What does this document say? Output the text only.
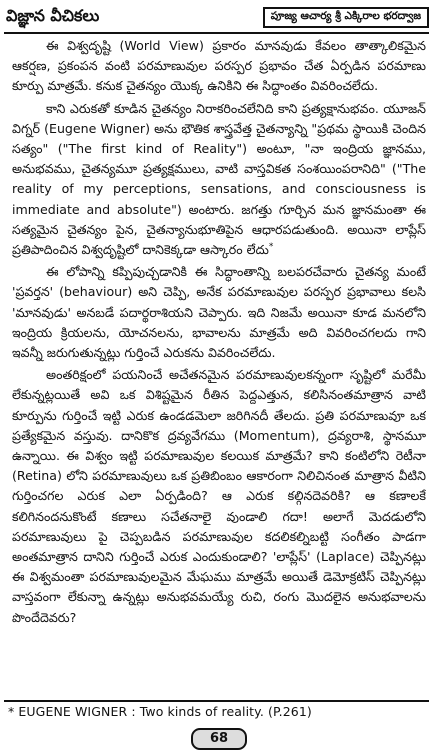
విజ్ఞాన వీచికలు	పూజ్య ఆచార్య శ్రీ ఎక్కిరాల భరద్వాజ

ఈ విశ్వదృష్టి (World View) ప్రకారం మానవుడు కేవలం తాత్కాలికమైన ఆకర్షణ, ప్రకంపన వంటి పరమాణువుల పరస్పర ప్రభావం చేత ఏర్పడిన పరమాణు కూర్పు మాత్రమే. కనుక చైతన్యం యొక్క ఉనికిని ఈ సిద్ధాంతం వివరించలేదు.

కాని ఎరుకతో కూడిన చైతన్యం నిరాకరించలేనిది కాని ప్రత్యక్షానుభవం. యూజన్ విగ్నర్ (Eugene Wigner) అను భౌతిక శాస్త్రవేత్త చైతన్యాన్ని "ప్రథమ స్థాయికి చెందిన సత్యం" ("The first kind of Reality") అంటూ, "నా ఇంద్రియ జ్ఞానము, అనుభవము, చైతన్యమూ ప్రత్యక్షములు, వాటి వాస్తవికత సంశయింపరానిది" ("The reality of my perceptions, sensations, and consciousness is immediate and absolute") అంటారు. జగత్తు గూర్చిన మన జ్ఞానమంతా ఈ సత్యమైన చైతన్యం పైన, చైతన్యానుభూతిపైన ఆధారపడుతుంది. అయినా లాప్లేస్ ప్రతిపాదించిన విశ్వదృష్టిలో దానికెక్కడా ఆస్కారం లేదు*

ఈ లోపాన్ని కప్పిపుచ్చడానికి ఈ సిద్ధాంతాన్ని బలపరచేవారు చైతన్య మంటే 'ప్రవర్తన' (behaviour) అని చెప్పి, అనేక పరమాణువుల పరస్పర ప్రభావాలు కలసి 'మానవుడు' అనబడే పదార్థరాశియని చెప్పారు. ఇది నిజమే అయినా కూడ మనలోని ఇంద్రియ క్రియలను, యోచనలను, భావాలను మాత్రమే అది వివరించగలదు గాని ఇవన్నీ జరుగుతున్నట్లు గుర్తించే ఎరుకను వివరించలేదు.

అంతరిక్షంలో పయనించే అచేతనమైన పరమాణువులకన్నంగా సృష్టిలో మరేమీ లేకున్నట్లయితే అవి ఒక విశిష్టమైన రీతిన పెద్దఎత్తున, కలిసినంతమాత్రాన వాటి కూర్పును గుర్తించే ఇట్టి ఎరుక ఉండడమెలా జరిగినదీ తేలదు. ప్రతి పరమాణువూ ఒక ప్రత్యేకమైన వస్తువు. దానికొక ద్రవ్యవేగము (Momentum), ద్రవ్యరాశి, స్థానమూ ఉన్నాయి. ఈ విశ్వం ఇట్టి పరమాణువుల కలయిక మాత్రమే? కాని కంటిలోని రెటీనా (Retina) లోని పరమాణువులు ఒక ప్రతిబింబం ఆకారంగా నిలిచినంత మాత్రాన వీటిని గుర్తించగల ఎరుక ఎలా ఏర్పడింది? ఆ ఎరుక కల్గినదెవరికి? ఆ కణాలకే కలిగినందనుకొంటే కణాలు సచేతనాలై వుండాలి గదా! అలాగే మెదడులోని పరమాణువులు పై చెప్పబడిన పరమాణువుల కదలికల్నిబట్టి సంగీతం పాడగా అంతమాత్రాన దానిని గుర్తించే ఎరుక ఎందుకుండాలి? 'లాప్లేస్' (Laplace) చెప్పినట్లు ఈ విశ్వమంతా పరమాణువులమైన మేఘము మాత్రమే అయితే డెమోక్రటిస్ చెప్పినట్లు వాస్తవంగా లేకున్నా ఉన్నట్లు అనుభవమయ్యే రుచి, రంగు మొదలైన అనుభవాలను పొందేదెవరు?

* EUGENE WIGNER : Two kinds of reality. (P.261)
68
